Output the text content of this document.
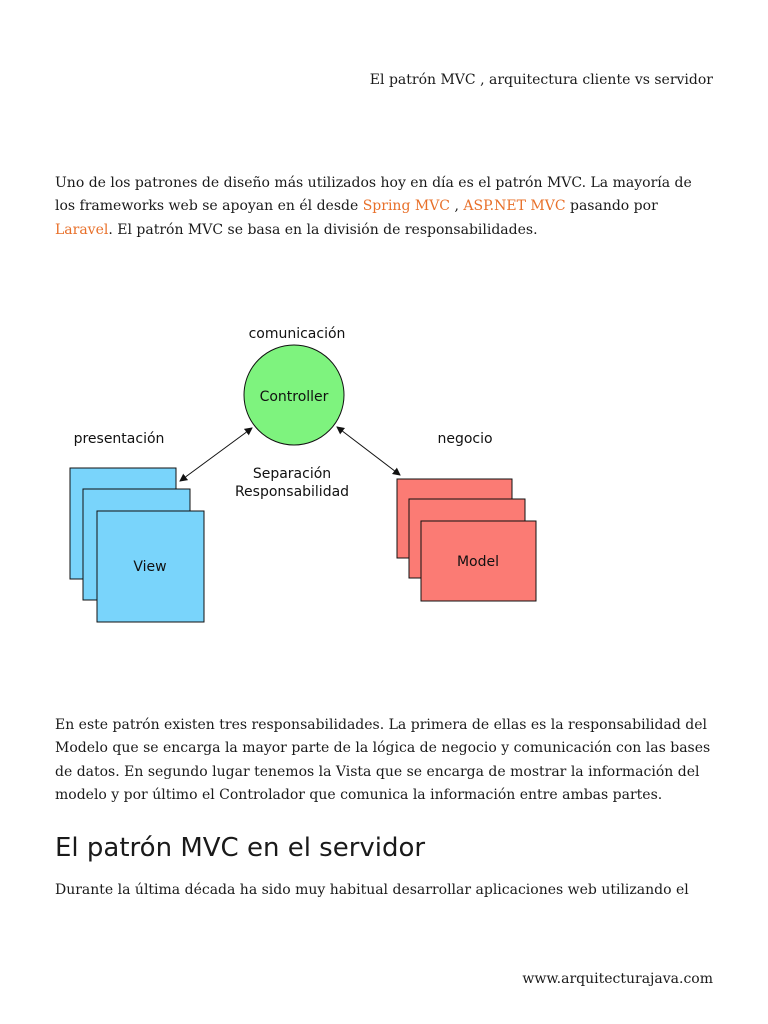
El patrón MVC , arquitectura cliente vs servidor

Uno de los patrones de diseño más utilizados hoy en día es el patrón MVC. La mayoría de los frameworks web se apoyan en él desde Spring MVC , ASP.NET MVC pasando por Laravel. El patrón MVC se basa en la división de responsabilidades.

comunicación
Controller
presentación	negocio
Separación
Responsabilidad
View	Model

En este patrón existen tres responsabilidades. La primera de ellas es la responsabilidad del Modelo que se encarga la mayor parte de la lógica de negocio y comunicación con las bases de datos. En segundo lugar tenemos la Vista que se encarga de mostrar la información del modelo y por último el Controlador que comunica la información entre ambas partes.

El patrón MVC en el servidor

Durante la última década ha sido muy habitual desarrollar aplicaciones web utilizando el

www.arquitecturajava.com
